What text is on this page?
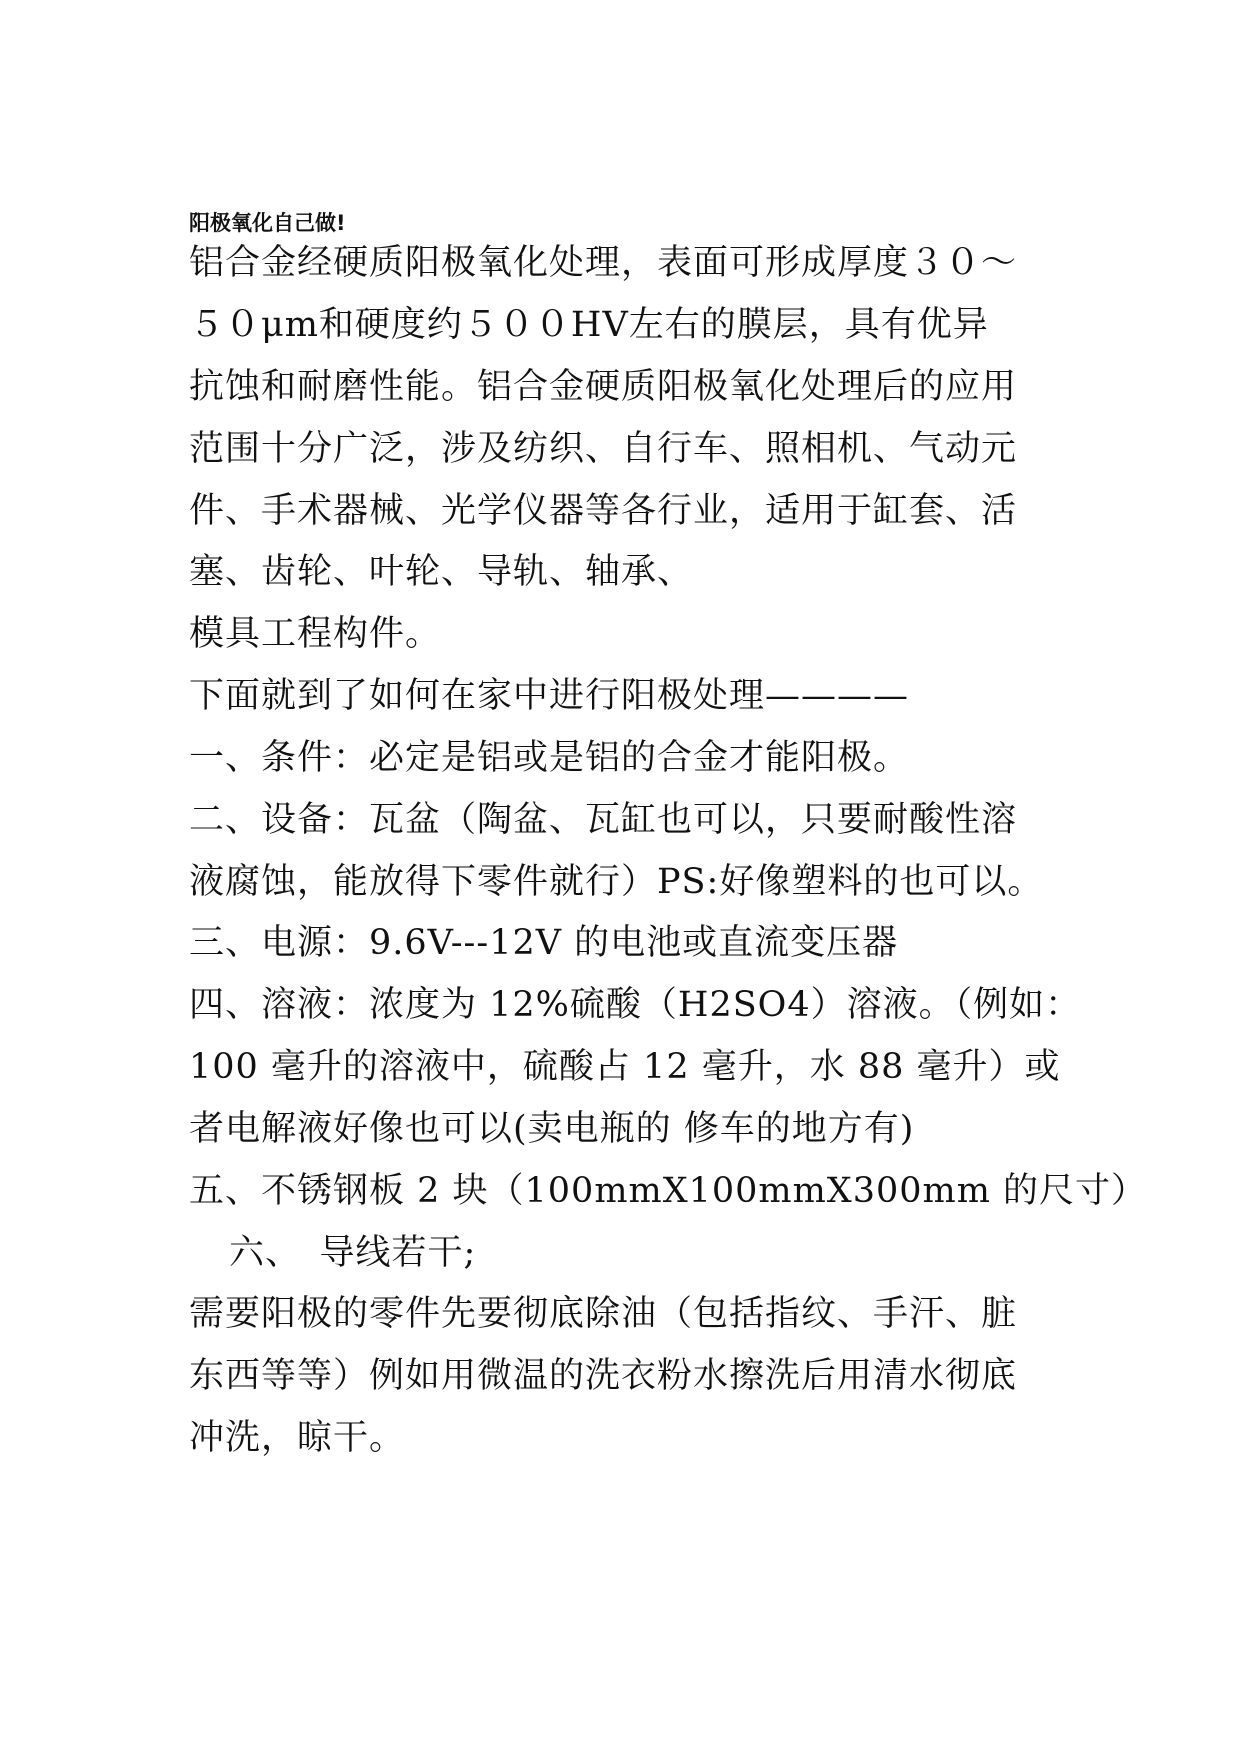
阳极氧化自己做!
铝合金经硬质阳极氧化处理，表面可形成厚度３０～
５０μm和硬度约５００HV左右的膜层，具有优异
抗蚀和耐磨性能。铝合金硬质阳极氧化处理后的应用
范围十分广泛，涉及纺织、自行车、照相机、气动元
件、手术器械、光学仪器等各行业，适用于缸套、活
塞、齿轮、叶轮、导轨、轴承、
模具工程构件。
下面就到了如何在家中进行阳极处理————
一、条件：必定是铝或是铝的合金才能阳极。
二、设备：瓦盆（陶盆、瓦缸也可以，只要耐酸性溶
液腐蚀，能放得下零件就行）PS:好像塑料的也可以。
三、电源：9.6V---12V 的电池或直流变压器
四、溶液：浓度为 12%硫酸（H2SO4）溶液。（例如：
100 毫升的溶液中，硫酸占 12 毫升，水 88 毫升）或
者电解液好像也可以(卖电瓶的 修车的地方有)
五、不锈钢板 2 块（100mmX100mmX300mm 的尺寸）
六、　导线若干;
需要阳极的零件先要彻底除油（包括指纹、手汗、脏
东西等等）例如用微温的洗衣粉水擦洗后用清水彻底
冲洗，晾干。
